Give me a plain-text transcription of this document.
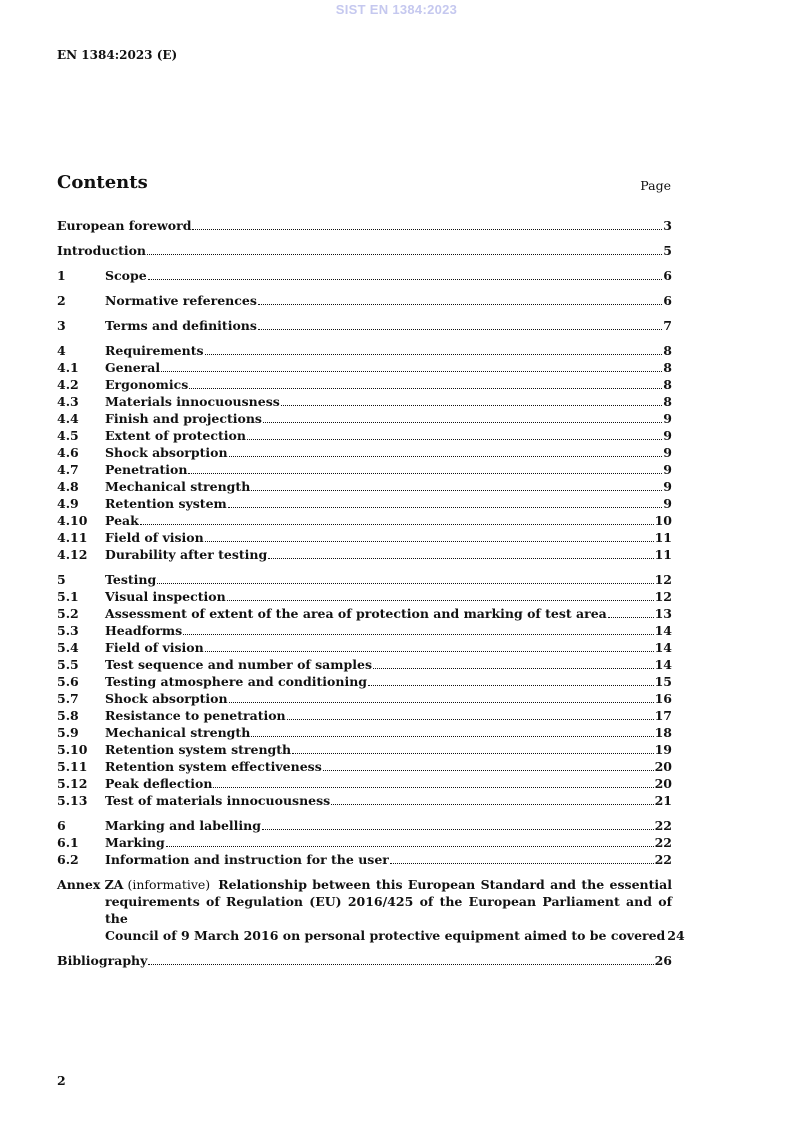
SIST EN 1384:2023
EN 1384:2023 (E)
Contents	Page
European foreword	3
Introduction	5
1	Scope	6
2	Normative references	6
3	Terms and definitions	7
4	Requirements	8
4.1	General	8
4.2	Ergonomics	8
4.3	Materials innocuousness	8
4.4	Finish and projections	9
4.5	Extent of protection	9
4.6	Shock absorption	9
4.7	Penetration	9
4.8	Mechanical strength	9
4.9	Retention system	9
4.10	Peak	10
4.11	Field of vision	11
4.12	Durability after testing	11
5	Testing	12
5.1	Visual inspection	12
5.2	Assessment of extent of the area of protection and marking of test area	13
5.3	Headforms	14
5.4	Field of vision	14
5.5	Test sequence and number of samples	14
5.6	Testing atmosphere and conditioning	15
5.7	Shock absorption	16
5.8	Resistance to penetration	17
5.9	Mechanical strength	18
5.10	Retention system strength	19
5.11	Retention system effectiveness	20
5.12	Peak deflection	20
5.13	Test of materials innocuousness	21
6	Marking and labelling	22
6.1	Marking	22
6.2	Information and instruction for the user	22
Annex ZA (informative) Relationship between this European Standard and the essential
requirements of Regulation (EU) 2016/425 of the European Parliament and of the
Council of 9 March 2016 on personal protective equipment aimed to be covered 24
Bibliography	26
2
